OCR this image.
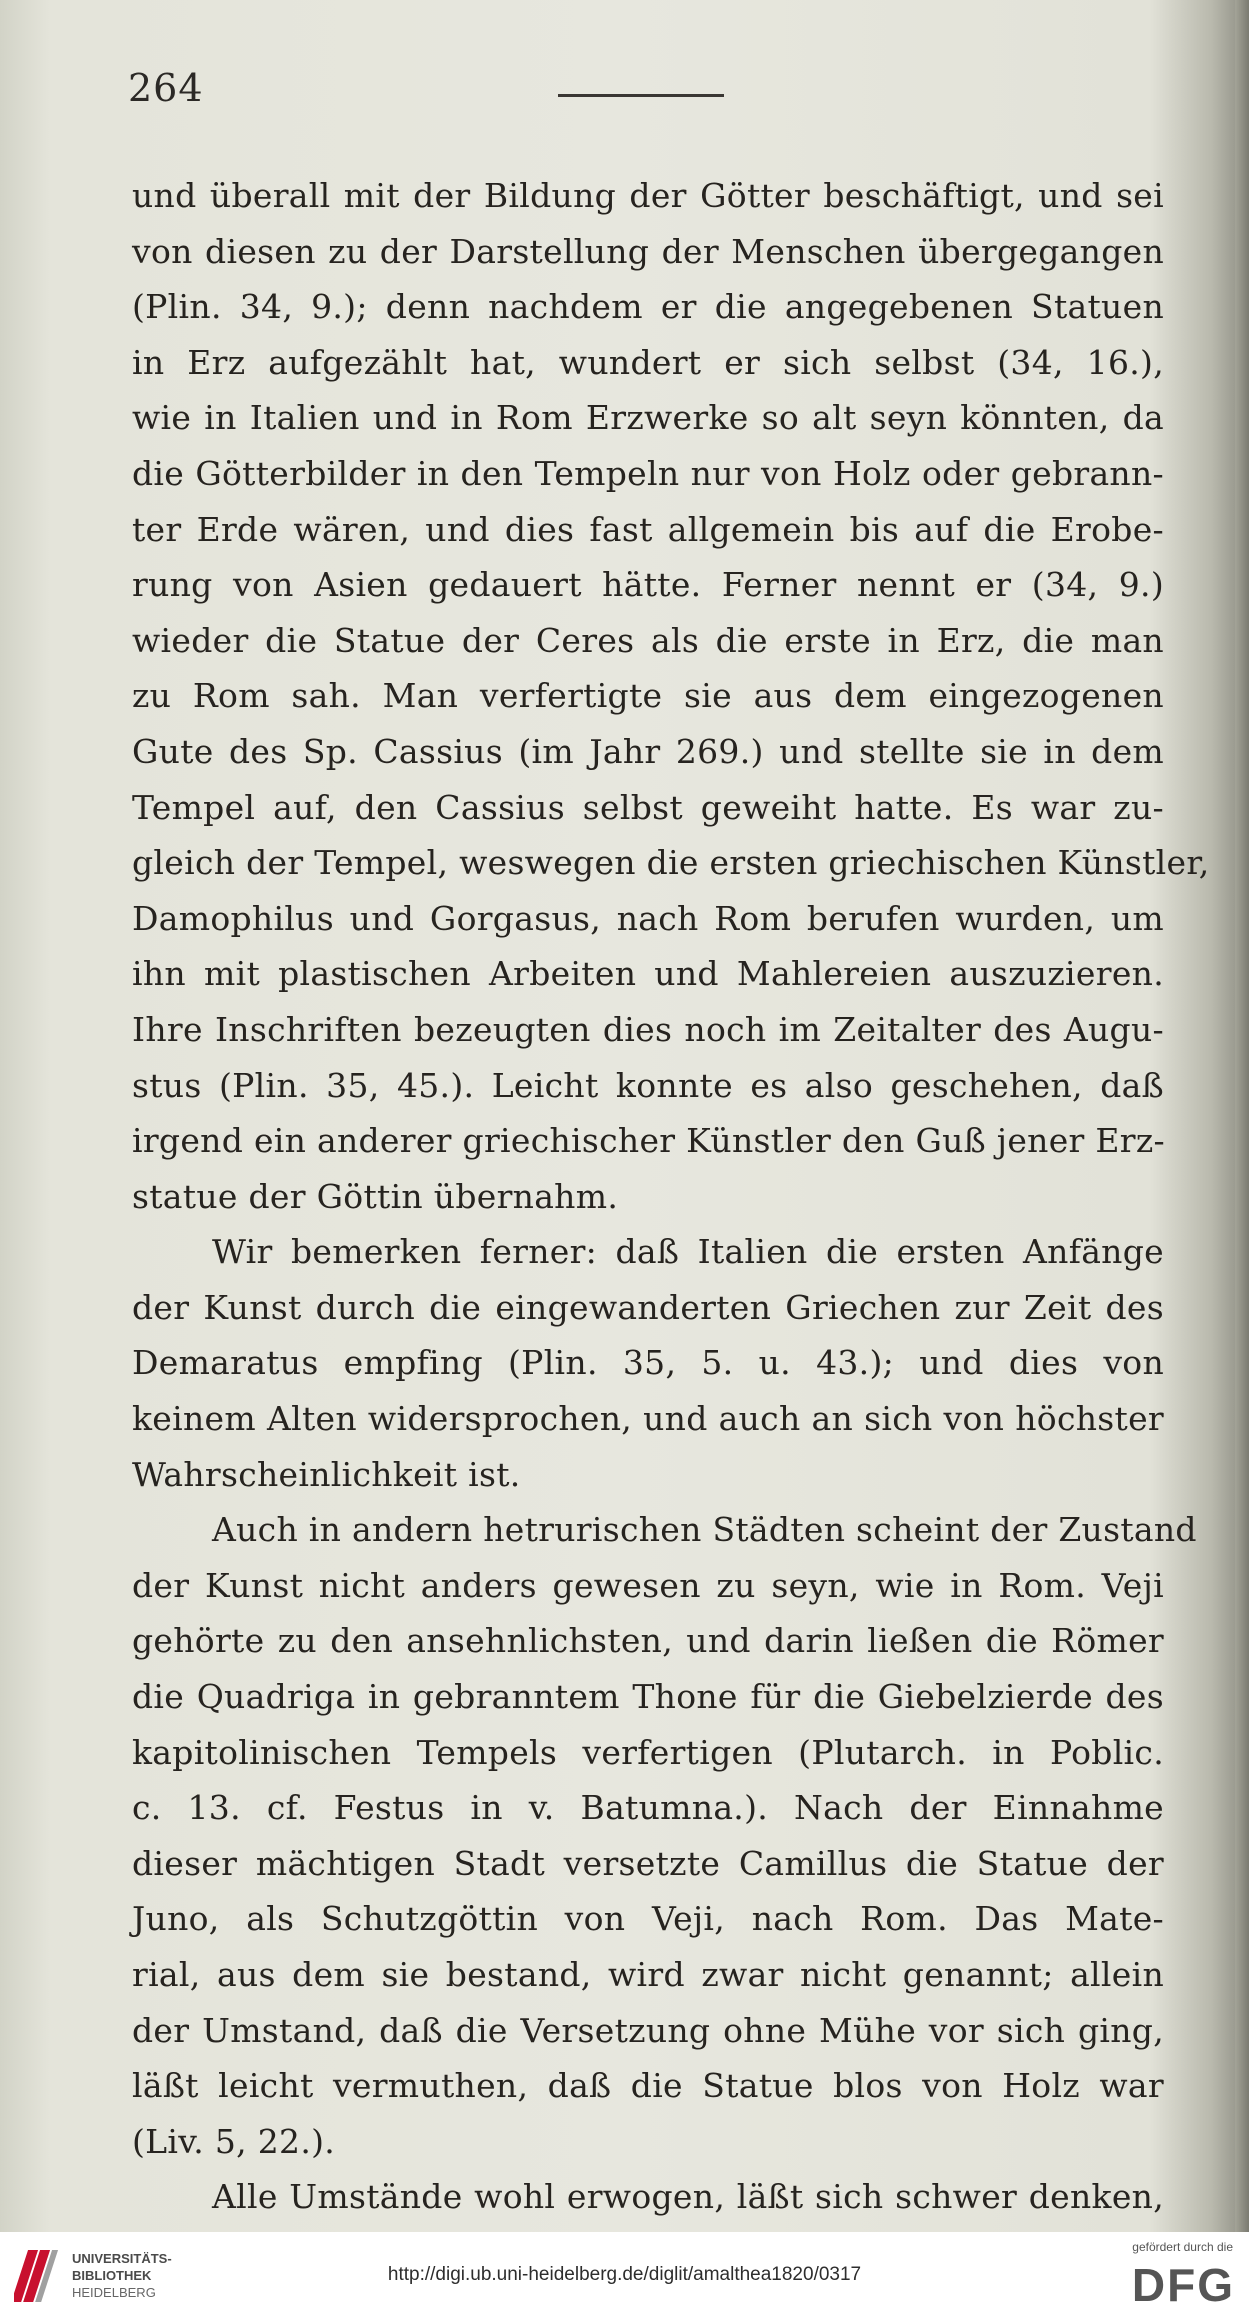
264
und überall mit der Bildung der Götter beschäftigt, und sei
von diesen zu der Darstellung der Menschen übergegangen
(Plin. 34, 9.); denn nachdem er die angegebenen Statuen
in Erz aufgezählt hat, wundert er sich selbst (34, 16.),
wie in Italien und in Rom Erzwerke so alt seyn könnten, da
die Götterbilder in den Tempeln nur von Holz oder gebrann-
ter Erde wären, und dies fast allgemein bis auf die Erobe-
rung von Asien gedauert hätte. Ferner nennt er (34, 9.)
wieder die Statue der Ceres als die erste in Erz, die man
zu Rom sah. Man verfertigte sie aus dem eingezogenen
Gute des Sp. Cassius (im Jahr 269.) und stellte sie in dem
Tempel auf, den Cassius selbst geweiht hatte. Es war zu-
gleich der Tempel, weswegen die ersten griechischen Künstler,
Damophilus und Gorgasus, nach Rom berufen wurden, um
ihn mit plastischen Arbeiten und Mahlereien auszuzieren.
Ihre Inschriften bezeugten dies noch im Zeitalter des Augu-
stus (Plin. 35, 45.). Leicht konnte es also geschehen, daß
irgend ein anderer griechischer Künstler den Guß jener Erz-
statue der Göttin übernahm.
Wir bemerken ferner: daß Italien die ersten Anfänge
der Kunst durch die eingewanderten Griechen zur Zeit des
Demaratus empfing (Plin. 35, 5. u. 43.); und dies von
keinem Alten widersprochen, und auch an sich von höchster
Wahrscheinlichkeit ist.
Auch in andern hetrurischen Städten scheint der Zustand
der Kunst nicht anders gewesen zu seyn, wie in Rom. Veji
gehörte zu den ansehnlichsten, und darin ließen die Römer
die Quadriga in gebranntem Thone für die Giebelzierde des
kapitolinischen Tempels verfertigen (Plutarch. in Poblic.
c. 13. cf. Festus in v. Batumna.). Nach der Einnahme
dieser mächtigen Stadt versetzte Camillus die Statue der
Juno, als Schutzgöttin von Veji, nach Rom. Das Mate-
rial, aus dem sie bestand, wird zwar nicht genannt; allein
der Umstand, daß die Versetzung ohne Mühe vor sich ging,
läßt leicht vermuthen, daß die Statue blos von Holz war
(Liv. 5, 22.).
Alle Umstände wohl erwogen, läßt sich schwer denken,
UNIVERSITÄTS-
BIBLIOTHEK
HEIDELBERG
http://digi.ub.uni-heidelberg.de/diglit/amalthea1820/0317
gefördert durch die
DFG
